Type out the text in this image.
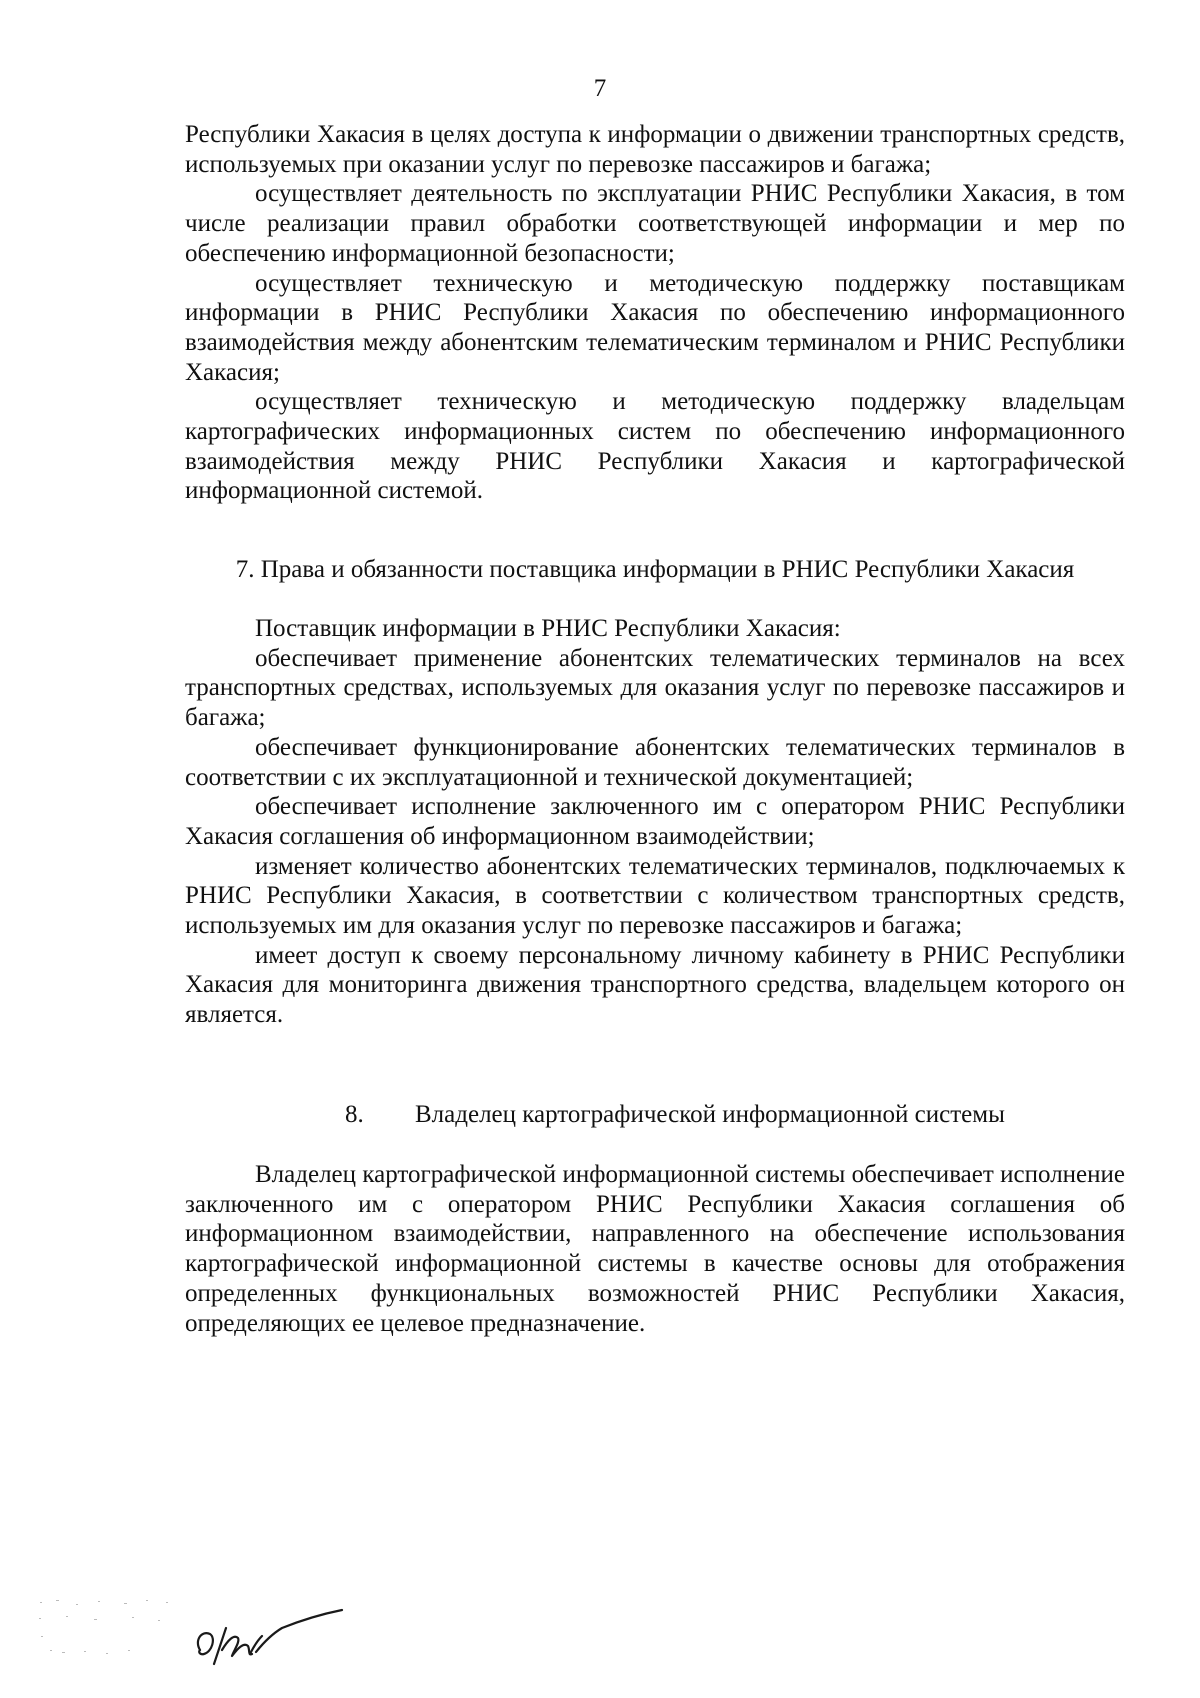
7

Республики Хакасия в целях доступа к информации о движении транспортных средств, используемых при оказании услуг по перевозке пассажиров и багажа;

осуществляет деятельность по эксплуатации РНИС Республики Хакасия, в том числе реализации правил обработки соответствующей информации и мер по обеспечению информационной безопасности;

осуществляет техническую и методическую поддержку поставщикам информации в РНИС Республики Хакасия по обеспечению информационного взаимодействия между абонентским телематическим терминалом и РНИС Республики Хакасия;

осуществляет техническую и методическую поддержку владельцам картографических информационных систем по обеспечению информационного взаимодействия между РНИС Республики Хакасия и картографической информационной системой.

7. Права и обязанности поставщика информации в РНИС Республики Хакасия

Поставщик информации в РНИС Республики Хакасия:

обеспечивает применение абонентских телематических терминалов на всех транспортных средствах, используемых для оказания услуг по перевозке пассажиров и багажа;

обеспечивает функционирование абонентских телематических терминалов в соответствии с их эксплуатационной и технической документацией;

обеспечивает исполнение заключенного им с оператором РНИС Республики Хакасия соглашения об информационном взаимодействии;

изменяет количество абонентских телематических терминалов, подключаемых к РНИС Республики Хакасия, в соответствии с количеством транспортных средств, используемых им для оказания услуг по перевозке пассажиров и багажа;

имеет доступ к своему персональному личному кабинету в РНИС Республики Хакасия для мониторинга движения транспортного средства, владельцем которого он является.

8. Владелец картографической информационной системы

Владелец картографической информационной системы обеспечивает исполнение заключенного им с оператором РНИС Республики Хакасия соглашения об информационном взаимодействии, направленного на обеспечение использования картографической информационной системы в качестве основы для отображения определенных функциональных возможностей РНИС Республики Хакасия, определяющих ее целевое предназначение.
